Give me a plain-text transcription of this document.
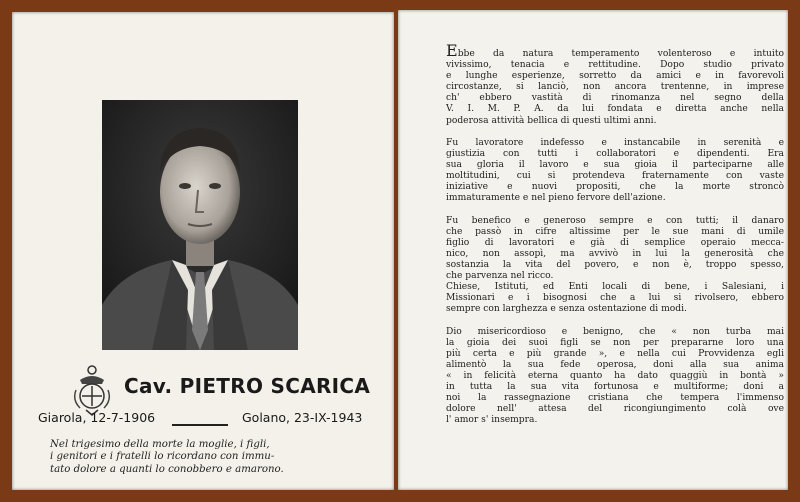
Cav. PIETRO SCARICA
Giarola, 12-7-1906	Golano, 23-IX-1943
Nel trigesimo della morte la moglie, i figli,
i genitori e i fratelli lo ricordano con immu-
tato dolore a quanti lo conobbero e amarono.
Ebbe da natura temperamento volenteroso e intuito
vivissimo, tenacia e rettitudine. Dopo studio privato
e lunghe esperienze, sorretto da amici e in favorevoli
circostanze, si lanciò, non ancora trentenne, in imprese
ch' ebbero vastità di rinomanza nel segno della
V. I. M. P. A. da lui fondata e diretta anche nella
poderosa attività bellica di questi ultimi anni.
Fu lavoratore indefesso e instancabile in serenità e
giustizia con tutti i collaboratori e dipendenti. Era
sua gloria il lavoro e sua gioia il parteciparne alle
moltitudini, cui si protendeva fraternamente con vaste
iniziative e nuovi propositi, che la morte stroncò
immaturamente e nel pieno fervore dell'azione.
Fu benefico e generoso sempre e con tutti; il danaro
che passò in cifre altissime per le sue mani di umile
figlio di lavoratori e già di semplice operaio mecca-
nico, non assopì, ma avvivò in lui la generosità che
sostanzia la vita del povero, e non è, troppo spesso,
che parvenza nel ricco.
Chiese, Istituti, ed Enti locali di bene, i Salesiani, i
Missionari e i bisognosi che a lui si rivolsero, ebbero
sempre con larghezza e senza ostentazione di modi.
Dio misericordioso e benigno, che « non turba mai
la gioia dei suoi figli se non per prepararne loro una
più certa e più grande », e nella cui Provvidenza egli
alimentò la sua fede operosa, doni alla sua anima
« in felicità eterna quanto ha dato quaggiù in bontà »
in tutta la sua vita fortunosa e multiforme; doni a
noi la rassegnazione cristiana che tempera l'immenso
dolore nell' attesa del ricongiungimento colà ove
l' amor s' insempra.
